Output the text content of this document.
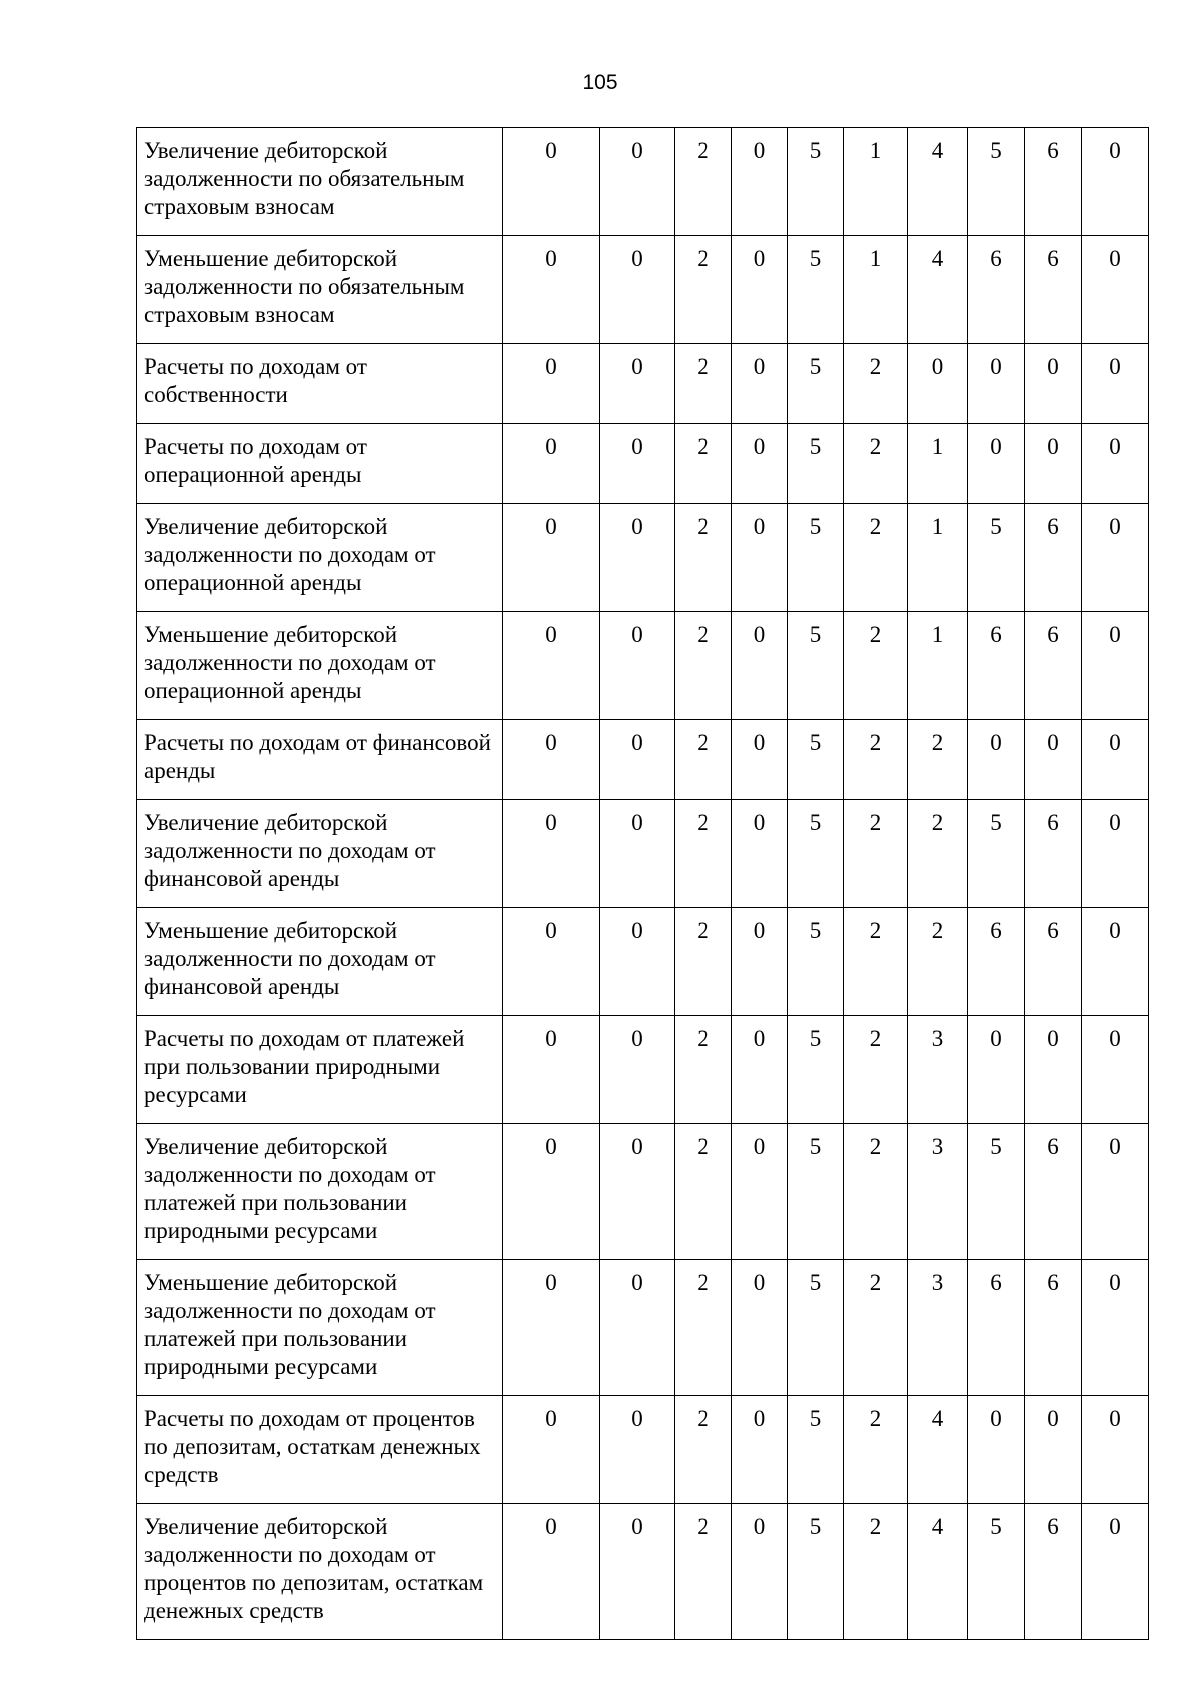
105
Увеличение дебиторской задолженности по обязательным страховым взносам	0	0	2	0	5	1	4	5	6	0
Уменьшение дебиторской задолженности по обязательным страховым взносам	0	0	2	0	5	1	4	6	6	0
Расчеты по доходам от собственности	0	0	2	0	5	2	0	0	0	0
Расчеты по доходам от операционной аренды	0	0	2	0	5	2	1	0	0	0
Увеличение дебиторской задолженности по доходам от операционной аренды	0	0	2	0	5	2	1	5	6	0
Уменьшение дебиторской задолженности по доходам от операционной аренды	0	0	2	0	5	2	1	6	6	0
Расчеты по доходам от финансовой аренды	0	0	2	0	5	2	2	0	0	0
Увеличение дебиторской задолженности по доходам от финансовой аренды	0	0	2	0	5	2	2	5	6	0
Уменьшение дебиторской задолженности по доходам от финансовой аренды	0	0	2	0	5	2	2	6	6	0
Расчеты по доходам от платежей при пользовании природными ресурсами	0	0	2	0	5	2	3	0	0	0
Увеличение дебиторской задолженности по доходам от платежей при пользовании природными ресурсами	0	0	2	0	5	2	3	5	6	0
Уменьшение дебиторской задолженности по доходам от платежей при пользовании природными ресурсами	0	0	2	0	5	2	3	6	6	0
Расчеты по доходам от процентов по депозитам, остаткам денежных средств	0	0	2	0	5	2	4	0	0	0
Увеличение дебиторской задолженности по доходам от процентов по депозитам, остаткам денежных средств	0	0	2	0	5	2	4	5	6	0
